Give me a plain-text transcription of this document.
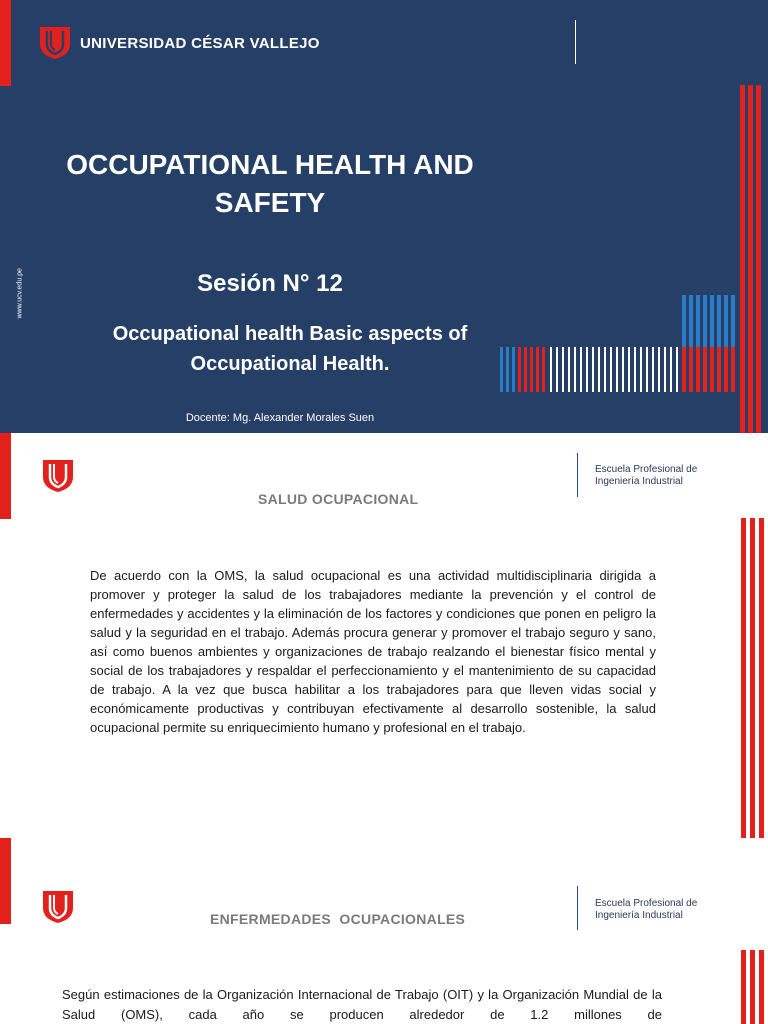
UNIVERSIDAD CÉSAR VALLEJO
OCCUPATIONAL HEALTH AND SAFETY
Sesión N° 12
Occupational health Basic aspects of Occupational Health.
Docente: Mg. Alexander Morales Suen
www.ucv.edu.pe
Escuela Profesional de Ingeniería Industrial
SALUD OCUPACIONAL

De acuerdo con la OMS, la salud ocupacional es una actividad multidisciplinaria dirigida a promover y proteger la salud de los trabajadores mediante la prevención y el control de enfermedades y accidentes y la eliminación de los factores y condiciones que ponen en peligro la salud y la seguridad en el trabajo. Además procura generar y promover el trabajo seguro y sano, así como buenos ambientes y organizaciones de trabajo realzando el bienestar físico mental y social de los trabajadores y respaldar el perfeccionamiento y el mantenimiento de su capacidad de trabajo. A la vez que busca habilitar a los trabajadores para que lleven vidas social y económicamente productivas y contribuyan efectivamente al desarrollo sostenible, la salud ocupacional permite su enriquecimiento humano y profesional en el trabajo.

Escuela Profesional de Ingeniería Industrial
ENFERMEDADES  OCUPACIONALES

Según estimaciones de la Organización Internacional de Trabajo (OIT) y la Organización Mundial de la Salud (OMS), cada año se producen alrededor de 1.2 millones de
